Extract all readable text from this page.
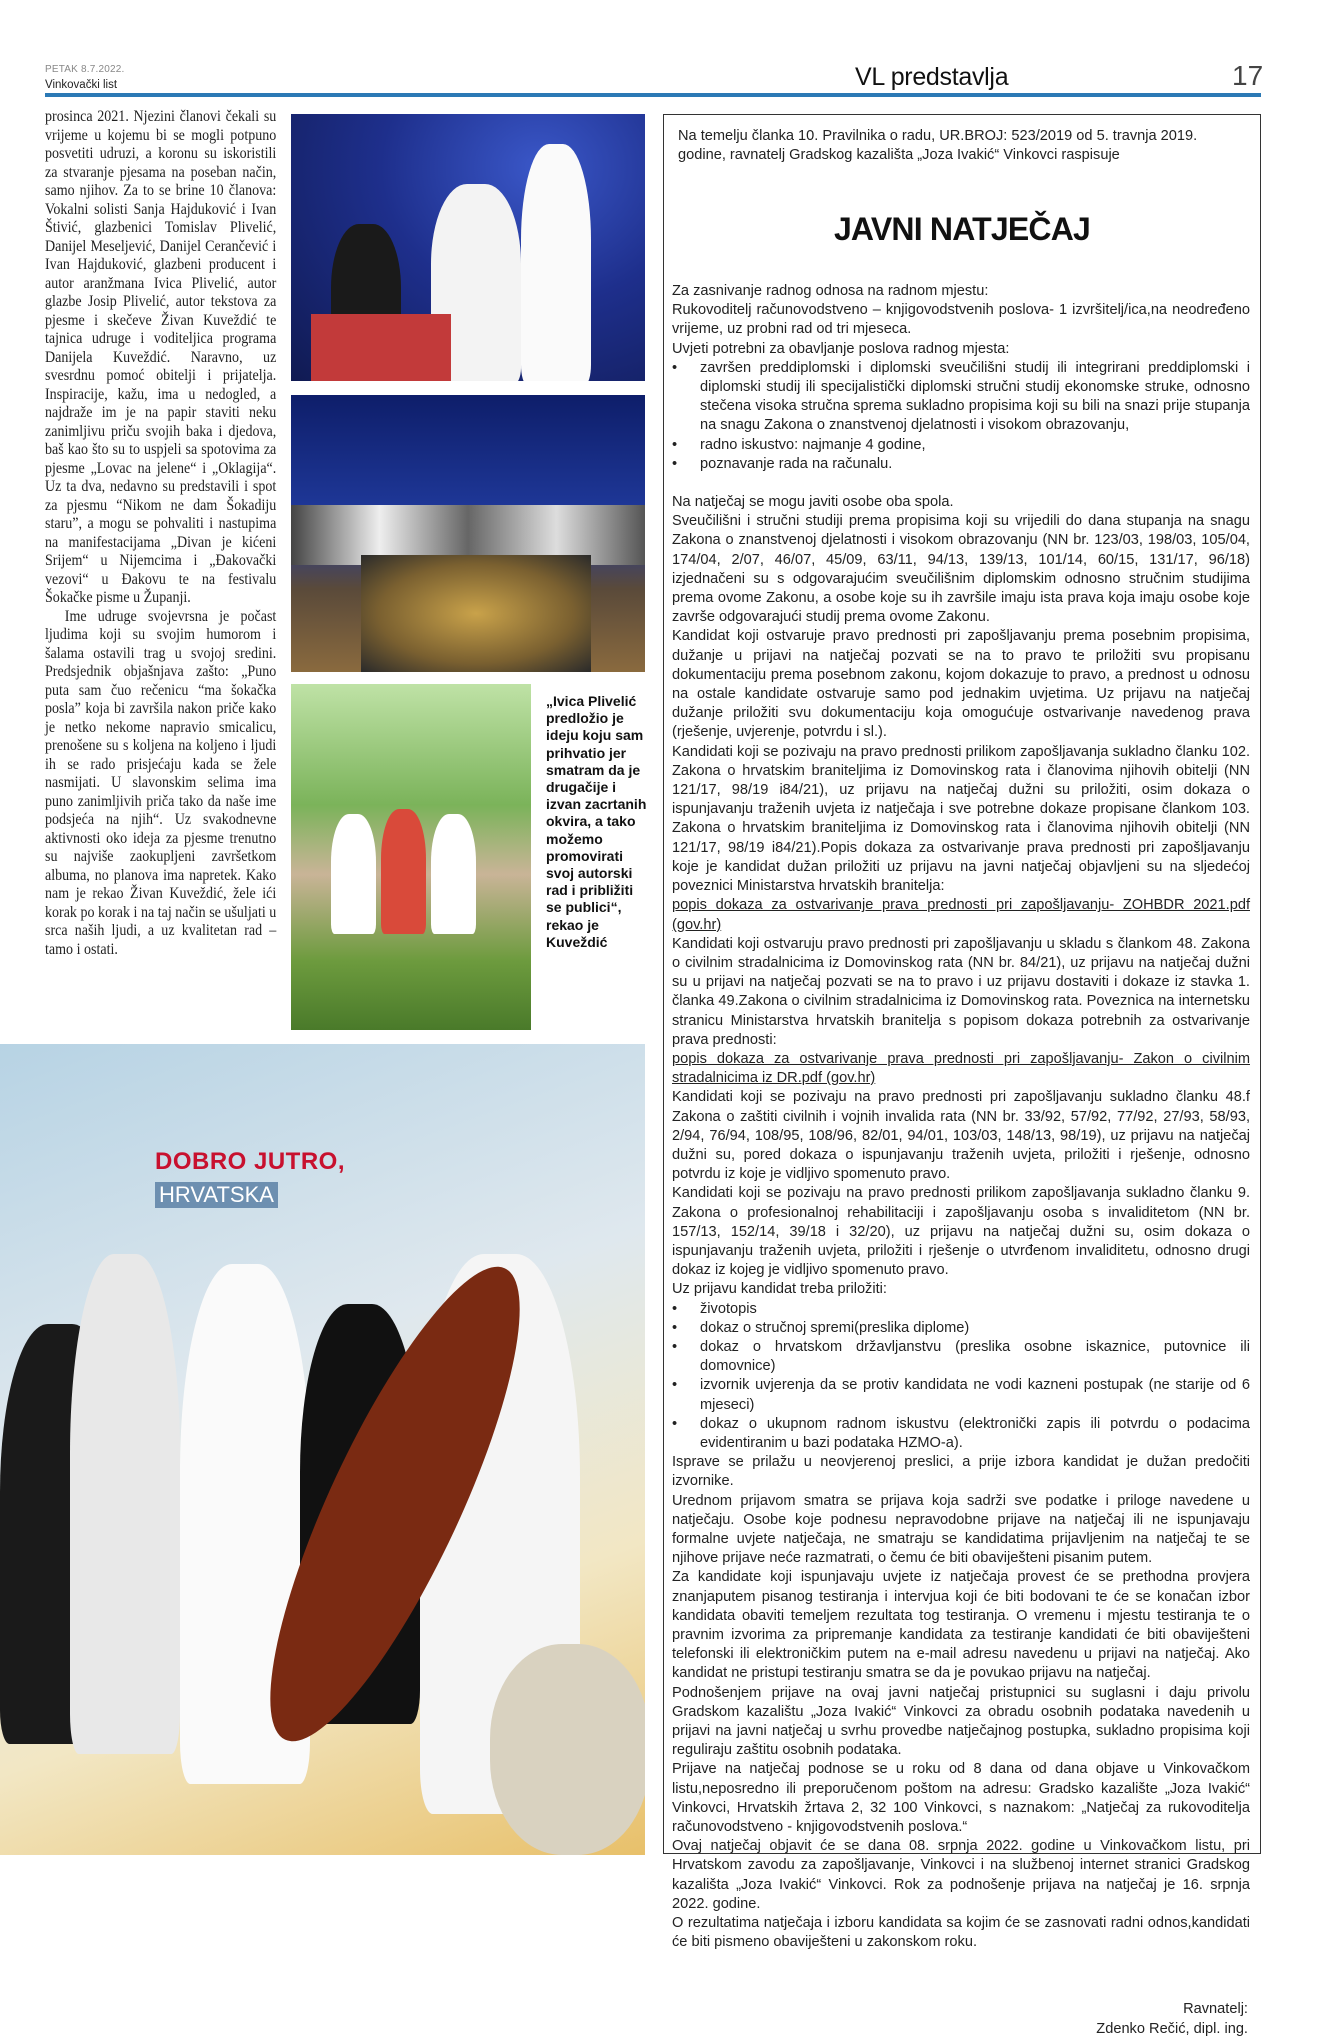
PETAK 8.7.2022.
Vinkovački list	VL predstavlja	17

prosinca 2021. Njezini članovi čekali su vrijeme u kojemu bi se mogli potpuno posvetiti udruzi, a koronu su iskoristili za stvaranje pjesama na poseban način, samo njihov. Za to se brine 10 članova: Vokalni solisti Sanja Hajduković i Ivan Štivić, glazbenici Tomislav Plivelić, Danijel Meseljević, Danijel Cerančević i Ivan Hajduković, glazbeni producent i autor aranžmana Ivica Plivelić, autor glazbe Josip Plivelić, autor tekstova za pjesme i skečeve Živan Kuveždić te tajnica udruge i voditeljica programa Danijela Kuveždić. Naravno, uz svesrdnu pomoć obitelji i prijatelja. Inspiracije, kažu, ima u nedogled, a najdraže im je na papir staviti neku zanimljivu priču svojih baka i djedova, baš kao što su to uspjeli sa spotovima za pjesme „Lovac na jelene“ i „Oklagija“. Uz ta dva, nedavno su predstavili i spot za pjesmu “Nikom ne dam Šokadiju staru”, a mogu se pohvaliti i nastupima na manifestacijama „Divan je kićeni Srijem“ u Nijemcima i „Đakovački vezovi“ u Đakovu te na festivalu Šokačke pisme u Županji.

Ime udruge svojevrsna je počast ljudima koji su svojim humorom i šalama ostavili trag u svojoj sredini. Predsjednik objašnjava zašto: „Puno puta sam čuo rečenicu “ma šokačka posla” koja bi završila nakon priče kako je netko nekome napravio smicalicu, prenošene su s koljena na koljeno i ljudi ih se rado prisjećaju kada se žele nasmijati. U slavonskim selima ima puno zanimljivih priča tako da naše ime podsjeća na njih“. Uz svakodnevne aktivnosti oko ideja za pjesme trenutno su najviše zaokupljeni završetkom albuma, no planova ima napretek. Kako nam je rekao Živan Kuveždić, žele ići korak po korak i na taj način se ušuljati u srca naših ljudi, a uz kvalitetan rad – tamo i ostati.

„Ivica Plivelić predložio je ideju koju sam prihvatio jer smatram da je drugačije i izvan zacrtanih okvira, a tako možemo promovirati svoj autorski rad i približiti se publici“, rekao je Kuveždić
DOBRO JUTRO,
HRVATSKA
Na temelju članka 10. Pravilnika o radu, UR.BROJ: 523/2019 od 5. travnja 2019. godine, ravnatelj Gradskog kazališta „Joza Ivakić“ Vinkovci raspisuje
JAVNI NATJEČAJ

Za zasnivanje radnog odnosa na radnom mjestu:

Rukovoditelj računovodstveno – knjigovodstvenih poslova- 1 izvršitelj/ica,na neodređeno vrijeme, uz probni rad od tri mjeseca.

Uvjeti potrebni za obavljanje poslova radnog mjesta:

• završen preddiplomski i diplomski sveučilišni studij ili integrirani preddiplomski i diplomski studij ili specijalistički diplomski stručni studij ekonomske struke, odnosno stečena visoka stručna sprema sukladno propisima koji su bili na snazi prije stupanja na snagu Zakona o znanstvenoj djelatnosti i visokom obrazovanju,
• radno iskustvo: najmanje 4 godine,
• poznavanje rada na računalu.

Na natječaj se mogu javiti osobe oba spola.

Sveučilišni i stručni studiji prema propisima koji su vrijedili do dana stupanja na snagu Zakona o znanstvenoj djelatnosti i visokom obrazovanju (NN br. 123/03, 198/03, 105/04, 174/04, 2/07, 46/07, 45/09, 63/11, 94/13, 139/13, 101/14, 60/15, 131/17, 96/18) izjednačeni su s odgovarajućim sveučilišnim diplomskim odnosno stručnim studijima prema ovome Zakonu, a osobe koje su ih završile imaju ista prava koja imaju osobe koje završe odgovarajući studij prema ovome Zakonu.

Kandidat koji ostvaruje pravo prednosti pri zapošljavanju prema posebnim propisima, dužanje u prijavi na natječaj pozvati se na to pravo te priložiti svu propisanu dokumentaciju prema posebnom zakonu, kojom dokazuje to pravo, a prednost u odnosu na ostale kandidate ostvaruje samo pod jednakim uvjetima. Uz prijavu na natječaj dužanje priložiti svu dokumentaciju koja omogućuje ostvarivanje navedenog prava (rješenje, uvjerenje, potvrdu i sl.).

Kandidati koji se pozivaju na pravo prednosti prilikom zapošljavanja sukladno članku 102. Zakona o hrvatskim braniteljima iz Domovinskog rata i članovima njihovih obitelji (NN 121/17, 98/19 i84/21), uz prijavu na natječaj dužni su priložiti, osim dokaza o ispunjavanju traženih uvjeta iz natječaja i sve potrebne dokaze propisane člankom 103. Zakona o hrvatskim braniteljima iz Domovinskog rata i članovima njihovih obitelji (NN 121/17, 98/19 i84/21).Popis dokaza za ostvarivanje prava prednosti pri zapošljavanju koje je kandidat dužan priložiti uz prijavu na javni natječaj objavljeni su na sljedećoj poveznici Ministarstva hrvatskih branitelja:

popis dokaza za ostvarivanje prava prednosti pri zapošljavanju- ZOHBDR 2021.pdf (gov.hr)

Kandidati koji ostvaruju pravo prednosti pri zapošljavanju u skladu s člankom 48. Zakona o civilnim stradalnicima iz Domovinskog rata (NN br. 84/21), uz prijavu na natječaj dužni su u prijavi na natječaj pozvati se na to pravo i uz prijavu dostaviti i dokaze iz stavka 1. članka 49.Zakona o civilnim stradalnicima iz Domovinskog rata. Poveznica na internetsku stranicu Ministarstva hrvatskih branitelja s popisom dokaza potrebnih za ostvarivanje prava prednosti:

popis dokaza za ostvarivanje prava prednosti pri zapošljavanju- Zakon o civilnim stradalnicima iz DR.pdf (gov.hr)

Kandidati koji se pozivaju na pravo prednosti pri zapošljavanju sukladno članku 48.f Zakona o zaštiti civilnih i vojnih invalida rata (NN br. 33/92, 57/92, 77/92, 27/93, 58/93, 2/94, 76/94, 108/95, 108/96, 82/01, 94/01, 103/03, 148/13, 98/19), uz prijavu na natječaj dužni su, pored dokaza o ispunjavanju traženih uvjeta, priložiti i rješenje, odnosno potvrdu iz koje je vidljivo spomenuto pravo.

Kandidati koji se pozivaju na pravo prednosti prilikom zapošljavanja sukladno članku 9. Zakona o profesionalnoj rehabilitaciji i zapošljavanju osoba s invaliditetom (NN br. 157/13, 152/14, 39/18 i 32/20), uz prijavu na natječaj dužni su, osim dokaza o ispunjavanju traženih uvjeta, priložiti i rješenje o utvrđenom invaliditetu, odnosno drugi dokaz iz kojeg je vidljivo spomenuto pravo.

Uz prijavu kandidat treba priložiti:

• životopis
• dokaz o stručnoj spremi(preslika diplome)
• dokaz o hrvatskom državljanstvu (preslika osobne iskaznice, putovnice ili domovnice)
• izvornik uvjerenja da se protiv kandidata ne vodi kazneni postupak (ne starije od 6 mjeseci)
• dokaz o ukupnom radnom iskustvu (elektronički zapis ili potvrdu o podacima evidentiranim u bazi podataka HZMO-a).

Isprave se prilažu u neovjerenoj preslici, a prije izbora kandidat je dužan predočiti izvornike.

Urednom prijavom smatra se prijava koja sadrži sve podatke i priloge navedene u natječaju. Osobe koje podnesu nepravodobne prijave na natječaj ili ne ispunjavaju formalne uvjete natječaja, ne smatraju se kandidatima prijavljenim na natječaj te se njihove prijave neće razmatrati, o čemu će biti obaviješteni pisanim putem.

Za kandidate koji ispunjavaju uvjete iz natječaja provest će se prethodna provjera znanjaputem pisanog testiranja i intervjua koji će biti bodovani te će se konačan izbor kandidata obaviti temeljem rezultata tog testiranja. O vremenu i mjestu testiranja te o pravnim izvorima za pripremanje kandidata za testiranje kandidati će biti obaviješteni telefonski ili elektroničkim putem na e-mail adresu navedenu u prijavi na natječaj. Ako kandidat ne pristupi testiranju smatra se da je povukao prijavu na natječaj.

Podnošenjem prijave na ovaj javni natječaj pristupnici su suglasni i daju privolu Gradskom kazalištu „Joza Ivakić“ Vinkovci za obradu osobnih podataka navedenih u prijavi na javni natječaj u svrhu provedbe natječajnog postupka, sukladno propisima koji reguliraju zaštitu osobnih podataka.

Prijave na natječaj podnose se u roku od 8 dana od dana objave u Vinkovačkom listu,neposredno ili preporučenom poštom na adresu: Gradsko kazalište „Joza Ivakić“ Vinkovci, Hrvatskih žrtava 2, 32 100 Vinkovci, s naznakom: „Natječaj za rukovoditelja računovodstveno - knjigovodstvenih poslova.“

Ovaj natječaj objavit će se dana 08. srpnja 2022. godine u Vinkovačkom listu, pri Hrvatskom zavodu za zapošljavanje, Vinkovci i na službenoj internet stranici Gradskog kazališta „Joza Ivakić“ Vinkovci. Rok za podnošenje prijava na natječaj je 16. srpnja 2022. godine.

O rezultatima natječaja i izboru kandidata sa kojim će se zasnovati radni odnos,kandidati će biti pismeno obaviješteni u zakonskom roku.

Ravnatelj:
Zdenko Rečić, dipl. ing.
